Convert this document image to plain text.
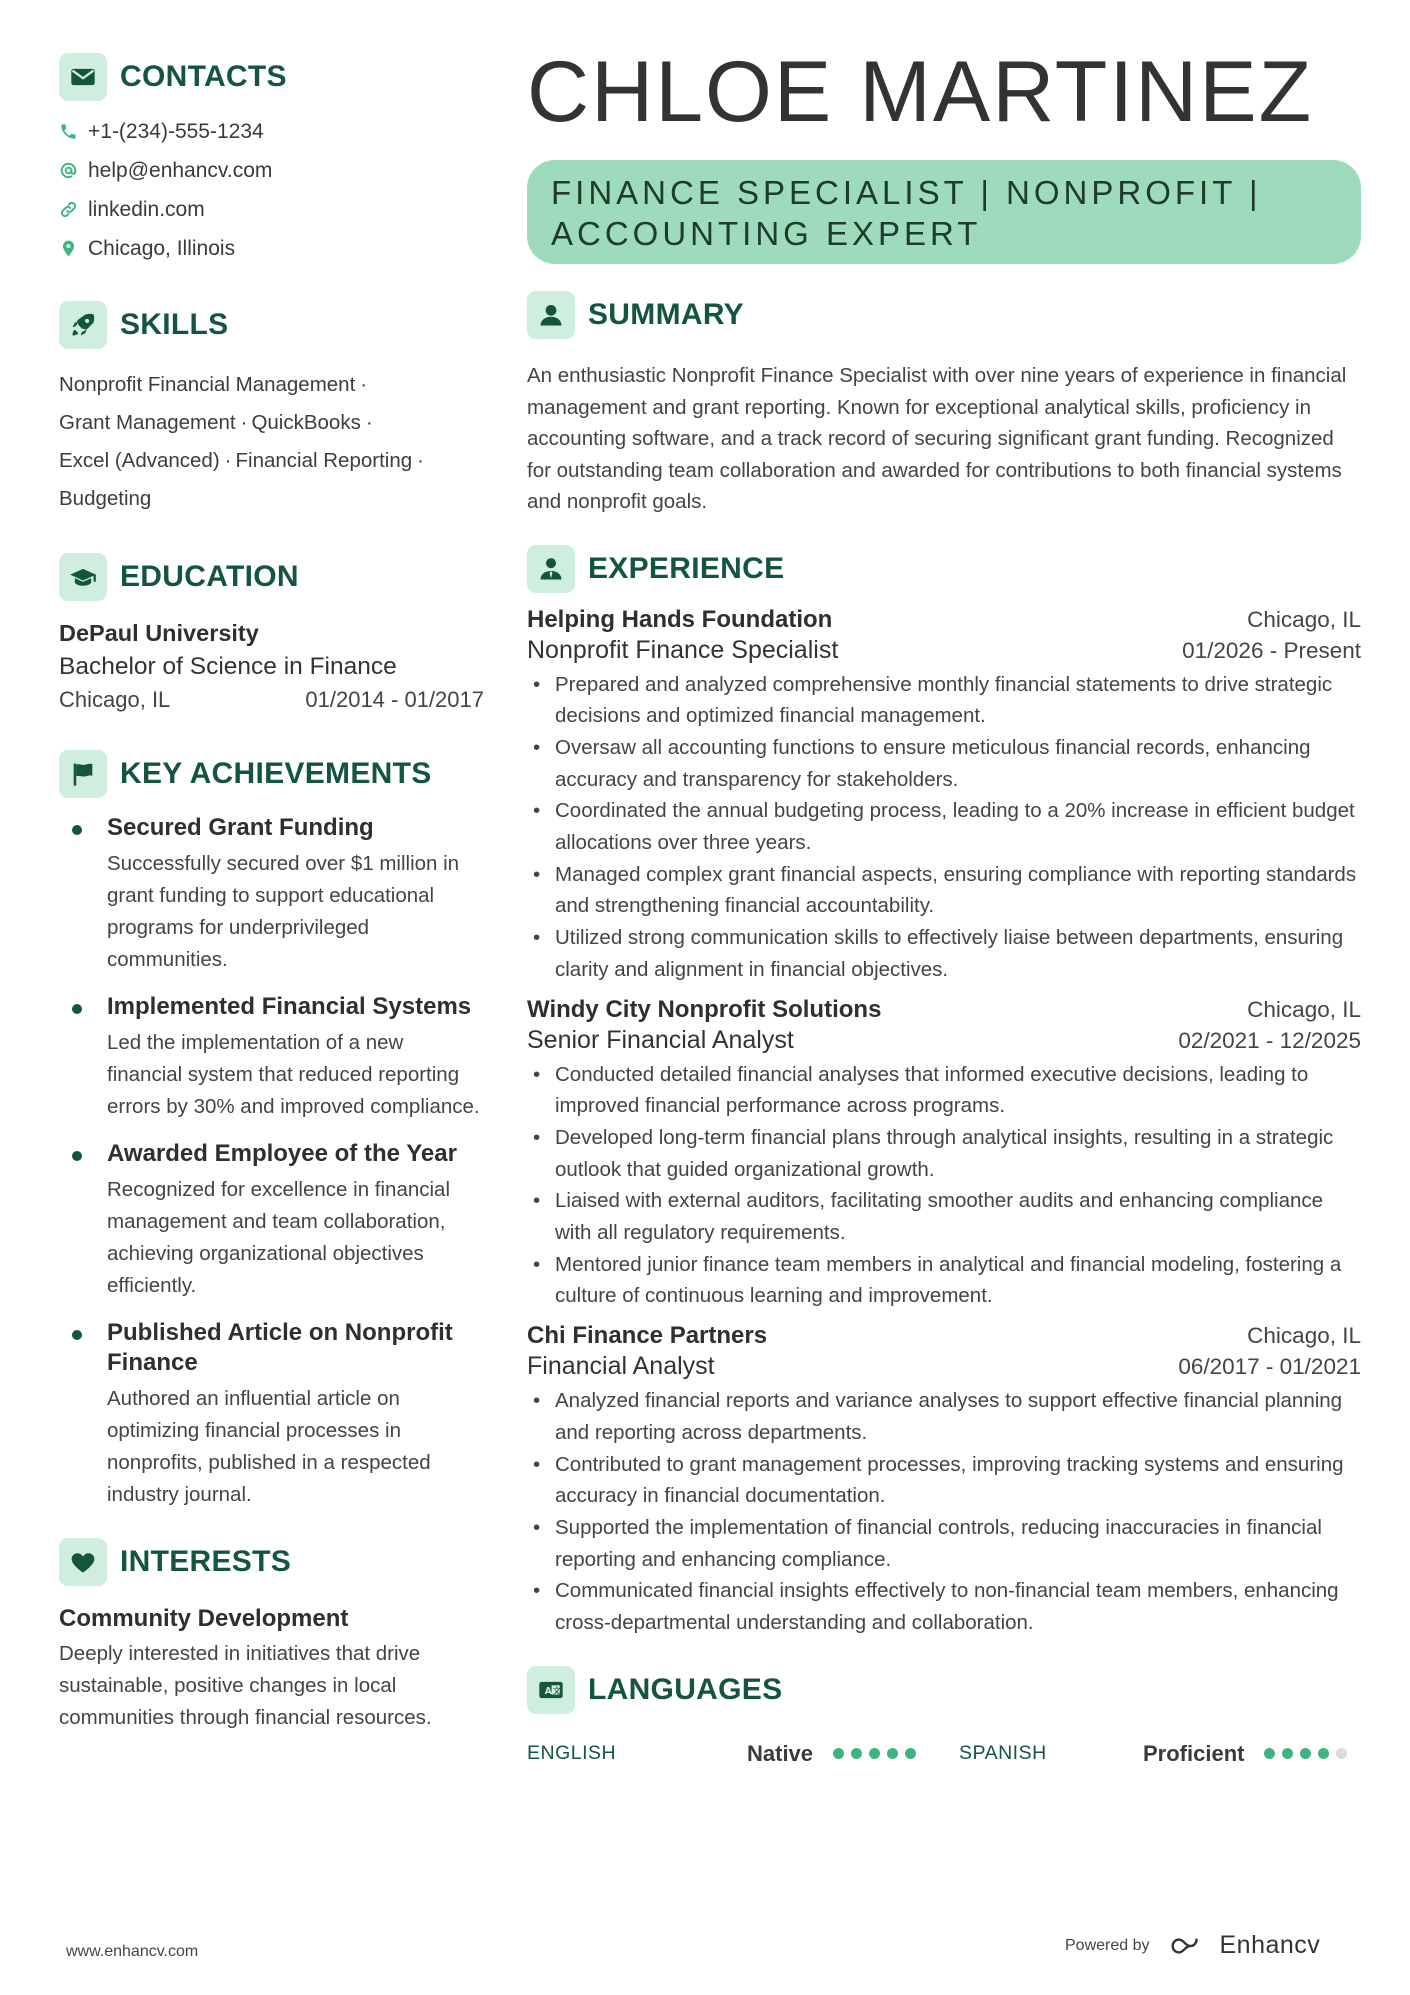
CONTACTS
+1-(234)-555-1234
help@enhancv.com
linkedin.com
Chicago, Illinois
SKILLS
Nonprofit Financial Management ·
Grant Management · QuickBooks ·
Excel (Advanced) · Financial Reporting ·
Budgeting
EDUCATION
DePaul University
Bachelor of Science in Finance
Chicago, IL	01/2014 - 01/2017
KEY ACHIEVEMENTS
Secured Grant Funding
Successfully secured over $1 million in grant funding to support educational programs for underprivileged communities.
Implemented Financial Systems
Led the implementation of a new financial system that reduced reporting errors by 30% and improved compliance.
Awarded Employee of the Year
Recognized for excellence in financial management and team collaboration, achieving organizational objectives efficiently.
Published Article on Nonprofit Finance
Authored an influential article on optimizing financial processes in nonprofits, published in a respected industry journal.
INTERESTS
Community Development
Deeply interested in initiatives that drive sustainable, positive changes in local communities through financial resources.
CHLOE MARTINEZ
FINANCE SPECIALIST | NONPROFIT | ACCOUNTING EXPERT
SUMMARY
An enthusiastic Nonprofit Finance Specialist with over nine years of experience in financial management and grant reporting. Known for exceptional analytical skills, proficiency in accounting software, and a track record of securing significant grant funding. Recognized for outstanding team collaboration and awarded for contributions to both financial systems and nonprofit goals.
EXPERIENCE
Helping Hands Foundation	Chicago, IL
Nonprofit Finance Specialist	01/2026 - Present
• Prepared and analyzed comprehensive monthly financial statements to drive strategic decisions and optimized financial management.
• Oversaw all accounting functions to ensure meticulous financial records, enhancing accuracy and transparency for stakeholders.
• Coordinated the annual budgeting process, leading to a 20% increase in efficient budget allocations over three years.
• Managed complex grant financial aspects, ensuring compliance with reporting standards and strengthening financial accountability.
• Utilized strong communication skills to effectively liaise between departments, ensuring clarity and alignment in financial objectives.
Windy City Nonprofit Solutions	Chicago, IL
Senior Financial Analyst	02/2021 - 12/2025
• Conducted detailed financial analyses that informed executive decisions, leading to improved financial performance across programs.
• Developed long-term financial plans through analytical insights, resulting in a strategic outlook that guided organizational growth.
• Liaised with external auditors, facilitating smoother audits and enhancing compliance with all regulatory requirements.
• Mentored junior finance team members in analytical and financial modeling, fostering a culture of continuous learning and improvement.
Chi Finance Partners	Chicago, IL
Financial Analyst	06/2017 - 01/2021
• Analyzed financial reports and variance analyses to support effective financial planning and reporting across departments.
• Contributed to grant management processes, improving tracking systems and ensuring accuracy in financial documentation.
• Supported the implementation of financial controls, reducing inaccuracies in financial reporting and enhancing compliance.
• Communicated financial insights effectively to non-financial team members, enhancing cross-departmental understanding and collaboration.
A 文 LANGUAGES
ENGLISH	Native	SPANISH	Proficient
www.enhancv.com	Powered by	Enhancv
